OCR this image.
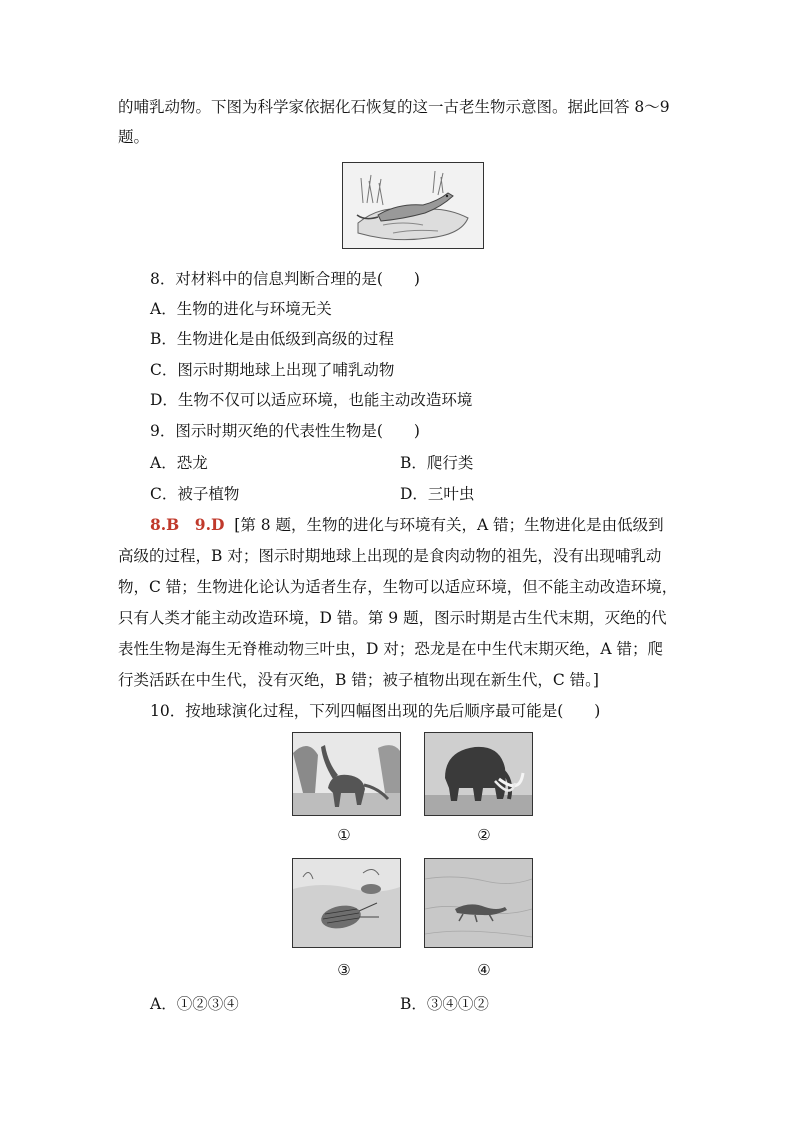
的哺乳动物。下图为科学家依据化石恢复的这一古老生物示意图。据此回答 8～9
题。
8．对材料中的信息判断合理的是(　　)
A．生物的进化与环境无关
B．生物进化是由低级到高级的过程
C．图示时期地球上出现了哺乳动物
D．生物不仅可以适应环境，也能主动改造环境
9．图示时期灭绝的代表性生物是(　　)
A．恐龙	B．爬行类
C．被子植物	D．三叶虫
8.B　9.D [第 8 题，生物的进化与环境有关，A 错；生物进化是由低级到
高级的过程，B 对；图示时期地球上出现的是食肉动物的祖先，没有出现哺乳动
物，C 错；生物进化论认为适者生存，生物可以适应环境，但不能主动改造环境，
只有人类才能主动改造环境，D 错。第 9 题，图示时期是古生代末期，灭绝的代
表性生物是海生无脊椎动物三叶虫，D 对；恐龙是在中生代末期灭绝，A 错；爬
行类活跃在中生代，没有灭绝，B 错；被子植物出现在新生代，C 错。]
10．按地球演化过程，下列四幅图出现的先后顺序最可能是(　　)
①	②
③	④
A．①②③④	B．③④①②
